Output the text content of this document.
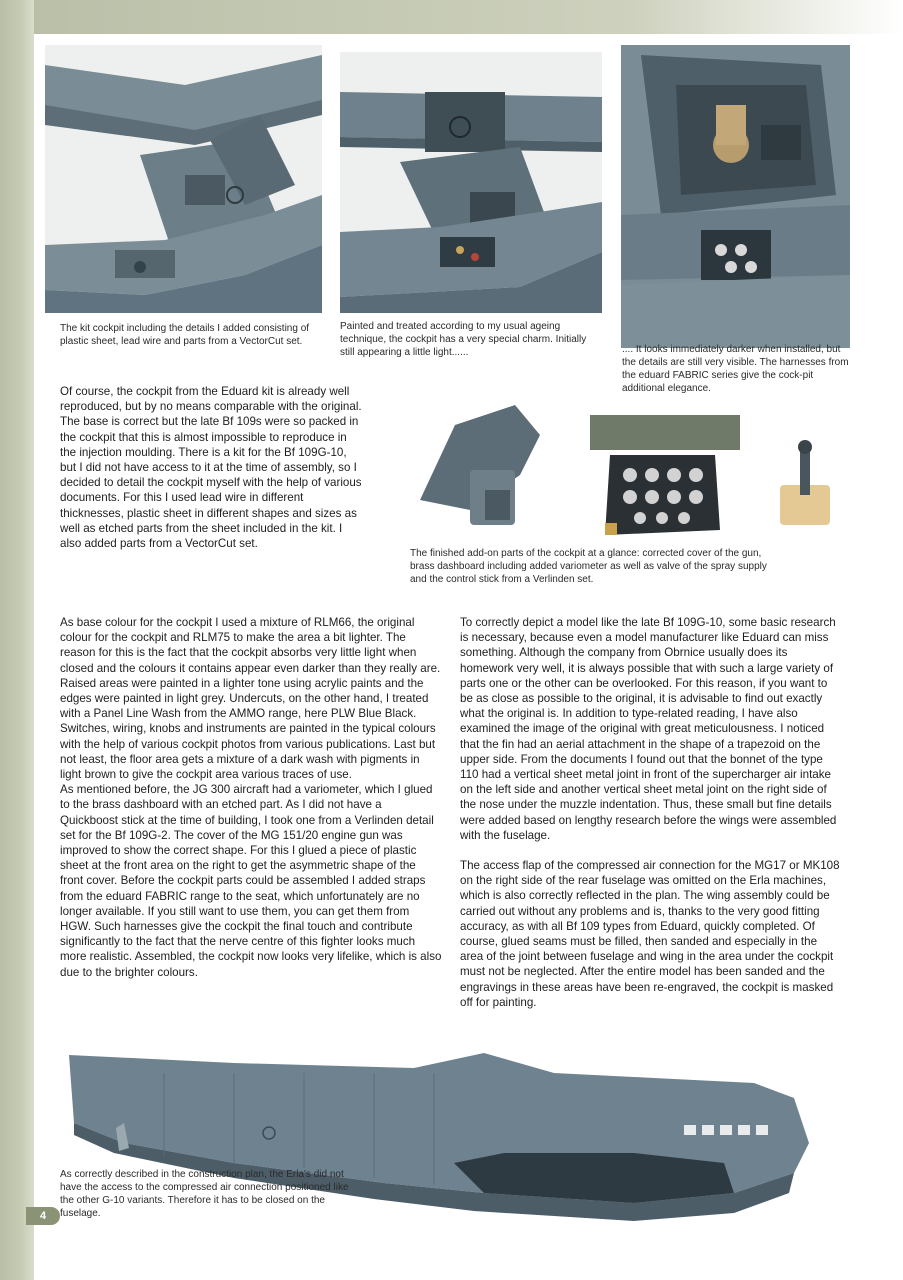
The kit cockpit including the details I added consisting of plastic sheet, lead wire and parts from a VectorCut set.
Painted and treated according to my usual ageing technique, the cockpit has a very special charm. Initially still appearing a little light......	.... It looks immediately darker when installed, but the details are still very visible. The harnesses from the eduard FABRIC series give the cock-pit additional elegance.

Of course, the cockpit from the Eduard kit is already well reproduced, but by no means comparable with the original. The base is correct but the late Bf 109s were so packed in the cockpit that this is almost impossible to reproduce in the injection moulding. There is a kit for the Bf 109G-10, but I did not have access to it at the time of assembly, so I decided to detail the cockpit myself with the help of various documents. For this I used lead wire in different thicknesses, plastic sheet in different shapes and sizes as well as etched parts from the sheet included in the kit. I also added parts from a VectorCut set.

The finished add-on parts of the cockpit at a glance: corrected cover of the gun, brass dashboard including added variometer as well as valve of the spray supply and the control stick from a Verlinden set.

As base colour for the cockpit I used a mixture of RLM66, the original colour for the cockpit and RLM75 to make the area a bit lighter. The reason for this is the fact that the cockpit absorbs very little light when closed and the colours it contains appear even darker than they really are. Raised areas were painted in a lighter tone using acrylic paints and the edges were painted in light grey. Undercuts, on the other hand, I treated with a Panel Line Wash from the AMMO range, here PLW Blue Black. Switches, wiring, knobs and instruments are painted in the typical colours with the help of various cockpit photos from various publications. Last but not least, the floor area gets a mixture of a dark wash with pigments in light brown to give the cockpit area various traces of use.

As mentioned before, the JG 300 aircraft had a variometer, which I glued to the brass dashboard with an etched part. As I did not have a Quickboost stick at the time of building, I took one from a Verlinden detail set for the Bf 109G-2. The cover of the MG 151/20 engine gun was improved to show the correct shape. For this I glued a piece of plastic sheet at the front area on the right to get the asymmetric shape of the front cover. Before the cockpit parts could be assembled I added straps from the eduard FABRIC range to the seat, which unfortunately are no longer available. If you still want to use them, you can get them from HGW. Such harnesses give the cockpit the final touch and contribute significantly to the fact that the nerve centre of this fighter looks much more realistic. Assembled, the cockpit now looks very lifelike, which is also due to the brighter colours.

To correctly depict a model like the late Bf 109G-10, some basic research is necessary, because even a model manufacturer like Eduard can miss something. Although the company from Obrnice usually does its homework very well, it is always possible that with such a large variety of parts one or the other can be overlooked. For this reason, if you want to be as close as possible to the original, it is advisable to find out exactly what the original is. In addition to type-related reading, I have also examined the image of the original with great meticulousness. I noticed that the fin had an aerial attachment in the shape of a trapezoid on the upper side. From the documents I found out that the bonnet of the type 110 had a vertical sheet metal joint in front of the supercharger air intake on the left side and another vertical sheet metal joint on the right side of the nose under the muzzle indentation. Thus, these small but fine details were added based on lengthy research before the wings were assembled with the fuselage.

The access flap of the compressed air connection for the MG17 or MK108 on the right side of the rear fuselage was omitted on the Erla machines, which is also correctly reflected in the plan. The wing assembly could be carried out without any problems and is, thanks to the very good fitting accuracy, as with all Bf 109 types from Eduard, quickly completed. Of course, glued seams must be filled, then sanded and especially in the area of the joint between fuselage and wing in the area under the cockpit must not be neglected. After the entire model has been sanded and the engravings in these areas have been re-engraved, the cockpit is masked off for painting.

As correctly described in the construction plan, the Erla's did not have the access to the compressed air connection positioned like the other G-10 variants. Therefore it has to be closed on the fuselage.
4
